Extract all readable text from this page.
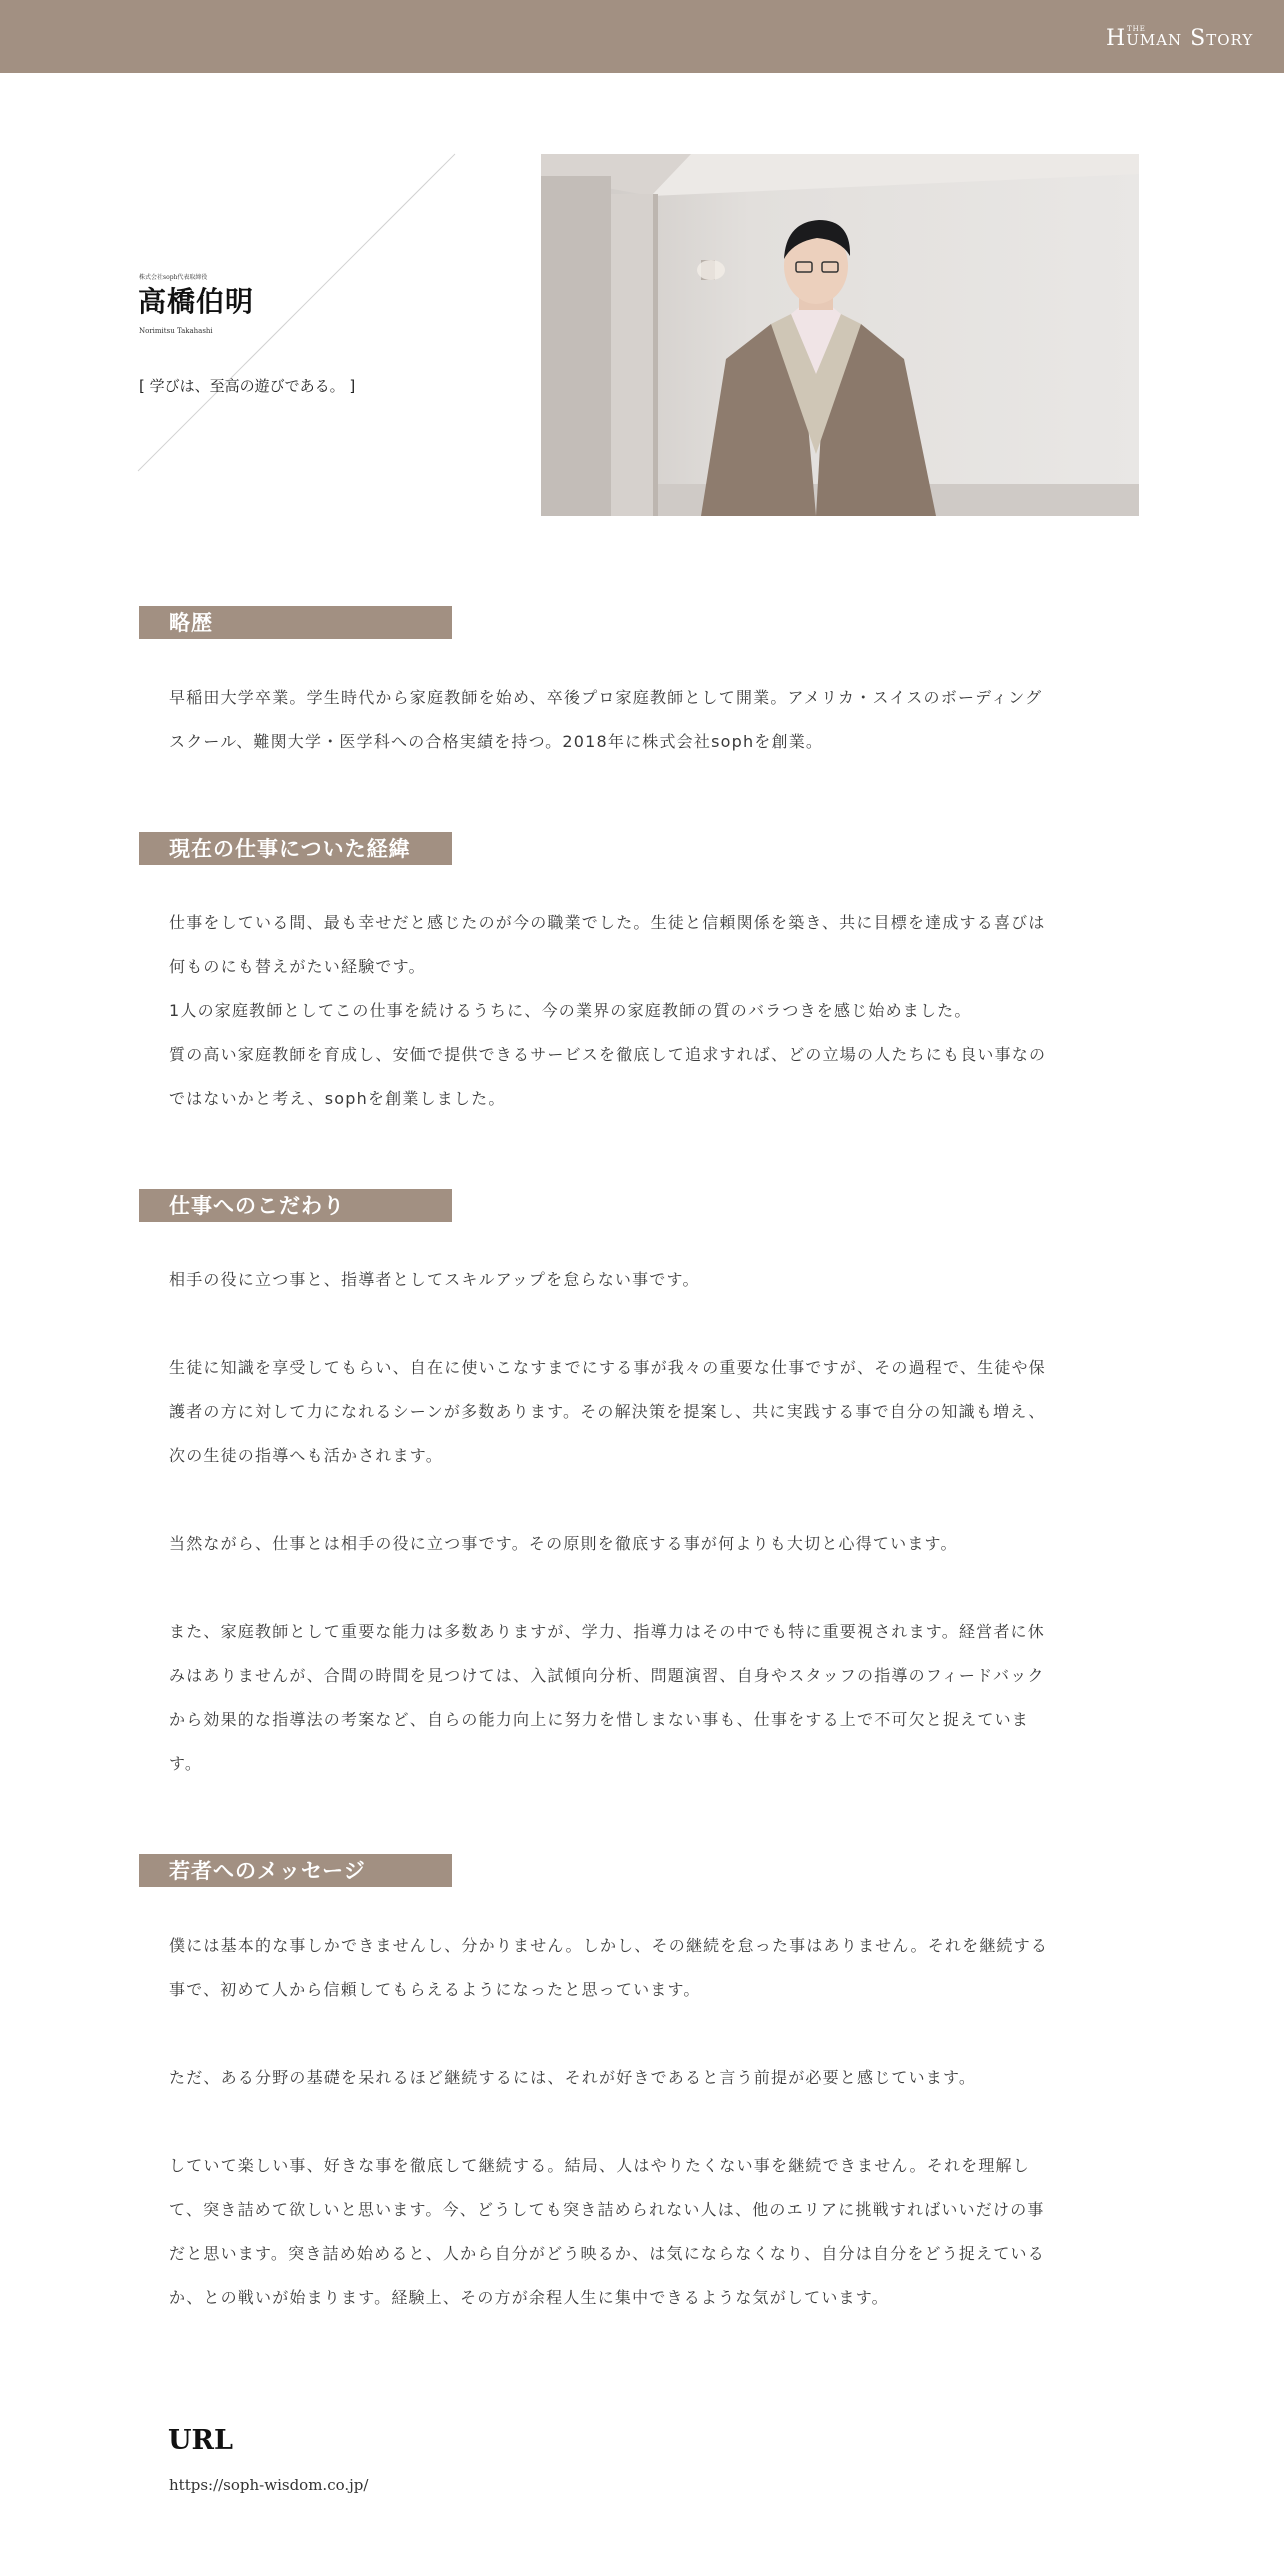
THE
HUMAN STORY
株式会社soph代表取締役
高橋伯明
Norimitsu Takahashi
[ 学びは、至高の遊びである。 ]
略歴

早稲田大学卒業。学生時代から家庭教師を始め、卒後プロ家庭教師として開業。アメリカ・スイスのボーディング

スクール、難関大学・医学科への合格実績を持つ。2018年に株式会社sophを創業。

現在の仕事についた経緯

仕事をしている間、最も幸せだと感じたのが今の職業でした。生徒と信頼関係を築き、共に目標を達成する喜びは

何ものにも替えがたい経験です。

1人の家庭教師としてこの仕事を続けるうちに、今の業界の家庭教師の質のバラつきを感じ始めました。

質の高い家庭教師を育成し、安価で提供できるサービスを徹底して追求すれば、どの立場の人たちにも良い事なの

ではないかと考え、sophを創業しました。

仕事へのこだわり

相手の役に立つ事と、指導者としてスキルアップを怠らない事です。

生徒に知識を享受してもらい、自在に使いこなすまでにする事が我々の重要な仕事ですが、その過程で、生徒や保

護者の方に対して力になれるシーンが多数あります。その解決策を提案し、共に実践する事で自分の知識も増え、

次の生徒の指導へも活かされます。

当然ながら、仕事とは相手の役に立つ事です。その原則を徹底する事が何よりも大切と心得ています。

また、家庭教師として重要な能力は多数ありますが、学力、指導力はその中でも特に重要視されます。経営者に休

みはありませんが、合間の時間を見つけては、入試傾向分析、問題演習、自身やスタッフの指導のフィードバック

から効果的な指導法の考案など、自らの能力向上に努力を惜しまない事も、仕事をする上で不可欠と捉えていま

す。

若者へのメッセージ

僕には基本的な事しかできませんし、分かりません。しかし、その継続を怠った事はありません。それを継続する

事で、初めて人から信頼してもらえるようになったと思っています。

ただ、ある分野の基礎を呆れるほど継続するには、それが好きであると言う前提が必要と感じています。

していて楽しい事、好きな事を徹底して継続する。結局、人はやりたくない事を継続できません。それを理解し

て、突き詰めて欲しいと思います。今、どうしても突き詰められない人は、他のエリアに挑戦すればいいだけの事

だと思います。突き詰め始めると、人から自分がどう映るか、は気にならなくなり、自分は自分をどう捉えている

か、との戦いが始まります。経験上、その方が余程人生に集中できるような気がしています。

URL
https://soph-wisdom.co.jp/
